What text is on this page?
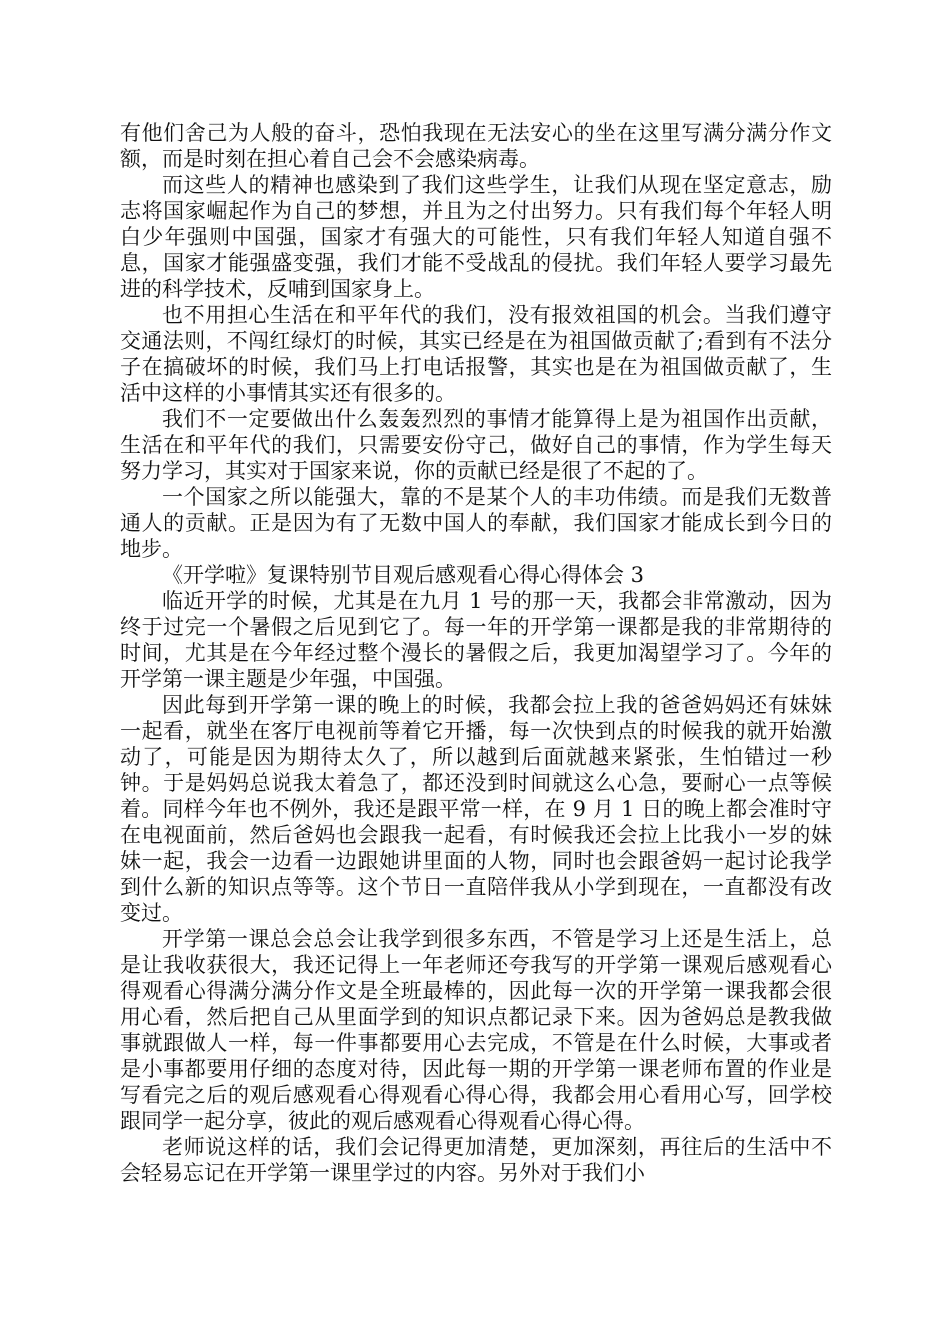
有他们舍己为人般的奋斗，恐怕我现在无法安心的坐在这里写满分满分作文额，而是时刻在担心着自己会不会感染病毒。

而这些人的精神也感染到了我们这些学生，让我们从现在坚定意志，励志将国家崛起作为自己的梦想，并且为之付出努力。只有我们每个年轻人明白少年强则中国强，国家才有强大的可能性，只有我们年轻人知道自强不息，国家才能强盛变强，我们才能不受战乱的侵扰。我们年轻人要学习最先进的科学技术，反哺到国家身上。

也不用担心生活在和平年代的我们，没有报效祖国的机会。当我们遵守交通法则，不闯红绿灯的时候，其实已经是在为祖国做贡献了;看到有不法分子在搞破坏的时候，我们马上打电话报警，其实也是在为祖国做贡献了，生活中这样的小事情其实还有很多的。

我们不一定要做出什么轰轰烈烈的事情才能算得上是为祖国作出贡献，生活在和平年代的我们，只需要安份守己，做好自己的事情，作为学生每天努力学习，其实对于国家来说，你的贡献已经是很了不起的了。

一个国家之所以能强大，靠的不是某个人的丰功伟绩。而是我们无数普通人的贡献。正是因为有了无数中国人的奉献，我们国家才能成长到今日的地步。

《开学啦》复课特别节目观后感观看心得心得体会 3

临近开学的时候，尤其是在九月 1 号的那一天，我都会非常激动，因为终于过完一个暑假之后见到它了。每一年的开学第一课都是我的非常期待的时间，尤其是在今年经过整个漫长的暑假之后，我更加渴望学习了。今年的开学第一课主题是少年强，中国强。

因此每到开学第一课的晚上的时候，我都会拉上我的爸爸妈妈还有妹妹一起看，就坐在客厅电视前等着它开播，每一次快到点的时候我的就开始激动了，可能是因为期待太久了，所以越到后面就越来紧张，生怕错过一秒钟。于是妈妈总说我太着急了，都还没到时间就这么心急，要耐心一点等候着。同样今年也不例外，我还是跟平常一样，在 9 月 1 日的晚上都会准时守在电视面前，然后爸妈也会跟我一起看，有时候我还会拉上比我小一岁的妹妹一起，我会一边看一边跟她讲里面的人物，同时也会跟爸妈一起讨论我学到什么新的知识点等等。这个节日一直陪伴我从小学到现在，一直都没有改变过。

开学第一课总会总会让我学到很多东西，不管是学习上还是生活上，总是让我收获很大，我还记得上一年老师还夸我写的开学第一课观后感观看心得观看心得满分满分作文是全班最棒的，因此每一次的开学第一课我都会很用心看，然后把自己从里面学到的知识点都记录下来。因为爸妈总是教我做事就跟做人一样，每一件事都要用心去完成，不管是在什么时候，大事或者是小事都要用仔细的态度对待，因此每一期的开学第一课老师布置的作业是写看完之后的观后感观看心得观看心得心得，我都会用心看用心写，回学校跟同学一起分享，彼此的观后感观看心得观看心得心得。

老师说这样的话，我们会记得更加清楚，更加深刻，再往后的生活中不会轻易忘记在开学第一课里学过的内容。另外对于我们小
